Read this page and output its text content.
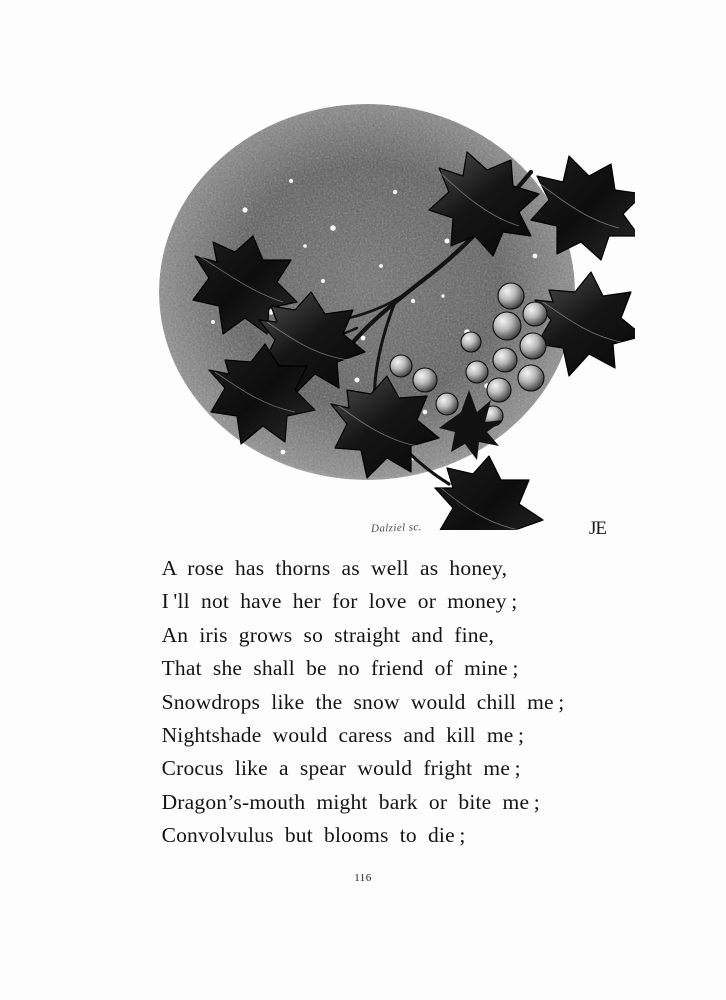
Dalziel sc.	JE
A  rose  has  thorns  as  well  as  honey,
I 'll  not  have  her  for  love  or  money ;
An  iris  grows  so  straight  and  fine,
That  she  shall  be  no  friend  of  mine ;
Snowdrops  like  the  snow  would  chill  me ;
Nightshade  would  caress  and  kill  me ;
Crocus  like  a  spear  would  fright  me ;
Dragon’s-mouth  might  bark  or  bite  me ;
Convolvulus  but  blooms  to  die ;
116
